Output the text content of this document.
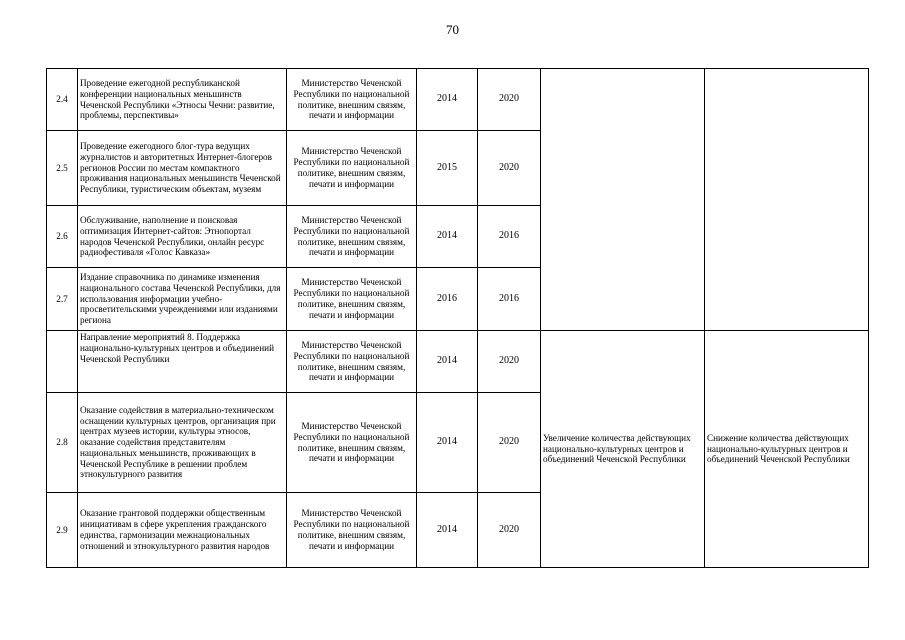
70
2.4	Проведение ежегодной республиканской конференции национальных меньшинств Чеченской Республики «Этносы Чечни: развитие, проблемы, перспективы»	Министерство Чеченской Республики по национальной политике, внешним связям, печати и информации	2014	2020		
2.5	Проведение ежегодного блог-тура ведущих журналистов и авторитетных Интернет-блогеров регионов России по местам компактного проживания национальных меньшинств Чеченской Республики, туристическим объектам, музеям	Министерство Чеченской Республики по национальной политике, внешним связям, печати и информации	2015	2020		
2.6	Обслуживание, наполнение и поисковая оптимизация Интернет-сайтов: Этнопортал народов Чеченской Республики, онлайн ресурс радиофестиваля «Голос Кавказа»	Министерство Чеченской Республики по национальной политике, внешним связям, печати и информации	2014	2016		
2.7	Издание справочника по динамике изменения национального состава Чеченской Республики, для использования информации учебно-просветительскими учреждениями или изданиями региона	Министерство Чеченской Республики по национальной политике, внешним связям, печати и информации	2016	2016		
	Направление мероприятий 8. Поддержка национально-культурных центров и объединений Чеченской Республики	Министерство Чеченской Республики по национальной политике, внешним связям, печати и информации	2014	2020	Увеличение количества действующих национально-культурных центров и объединений Чеченской Республики	Снижение количества действующих национально-культурных центров и объединений Чеченской Республики
2.8	Оказание содействия в материально-техническом оснащении культурных центров, организация при центрах музеев истории, культуры этносов, оказание содействия представителям национальных меньшинств, проживающих в Чеченской Республике в решении проблем этнокультурного развития	Министерство Чеченской Республики по национальной политике, внешним связям, печати и информации	2014	2020		
2.9	Оказание грантовой поддержки общественным инициативам в сфере укрепления гражданского единства, гармонизации межнациональных отношений и этнокультурного развития народов	Министерство Чеченской Республики по национальной политике, внешним связям, печати и информации	2014	2020		
